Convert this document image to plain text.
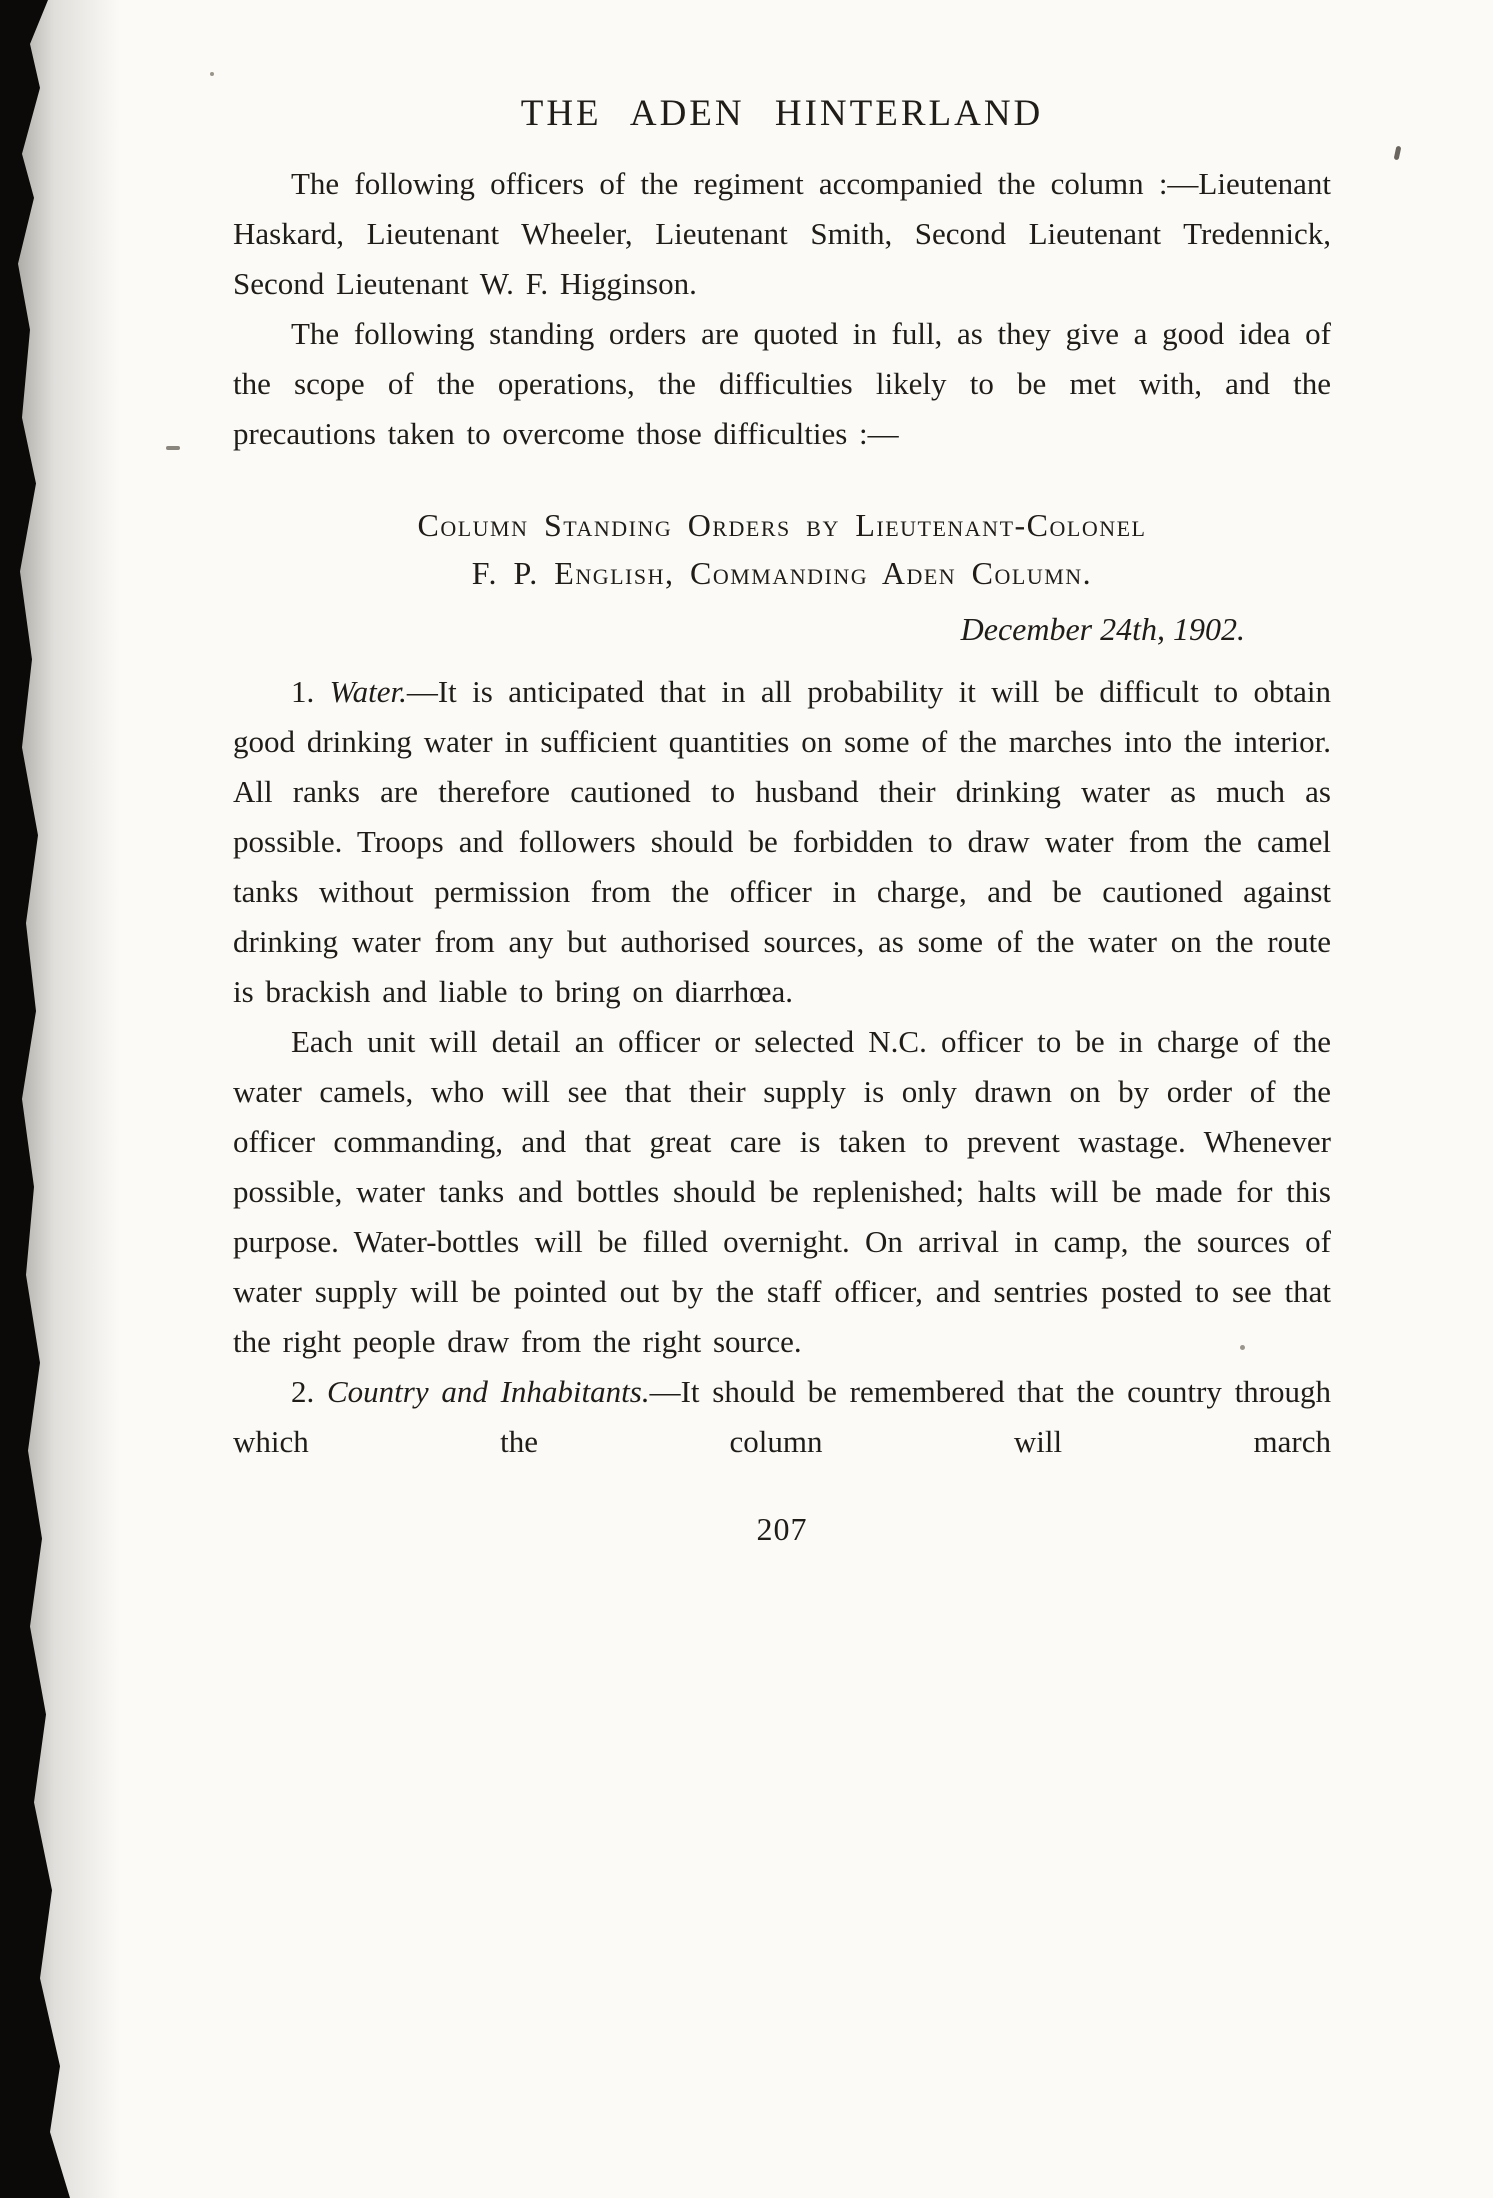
THE ADEN HINTERLAND

The following officers of the regiment accompanied the column :—Lieutenant Haskard, Lieutenant Wheeler, Lieutenant Smith, Second Lieutenant Tredennick, Second Lieutenant W. F. Higginson.

The following standing orders are quoted in full, as they give a good idea of the scope of the operations, the difficulties likely to be met with, and the precautions taken to overcome those difficulties :—

Column Standing Orders by Lieutenant-Colonel
F. P. English, Commanding Aden Column.
December 24th, 1902.

1. Water.—It is anticipated that in all probability it will be difficult to obtain good drinking water in sufficient quantities on some of the marches into the interior. All ranks are therefore cautioned to husband their drinking water as much as possible. Troops and followers should be forbidden to draw water from the camel tanks without permission from the officer in charge, and be cautioned against drinking water from any but authorised sources, as some of the water on the route is brackish and liable to bring on diarrhœa.

Each unit will detail an officer or selected N.C. officer to be in charge of the water camels, who will see that their supply is only drawn on by order of the officer commanding, and that great care is taken to prevent wastage. Whenever possible, water tanks and bottles should be replenished; halts will be made for this purpose. Water-bottles will be filled overnight. On arrival in camp, the sources of water supply will be pointed out by the staff officer, and sentries posted to see that the right people draw from the right source.

2. Country and Inhabitants.—It should be remembered that the country through which the column will march

207
